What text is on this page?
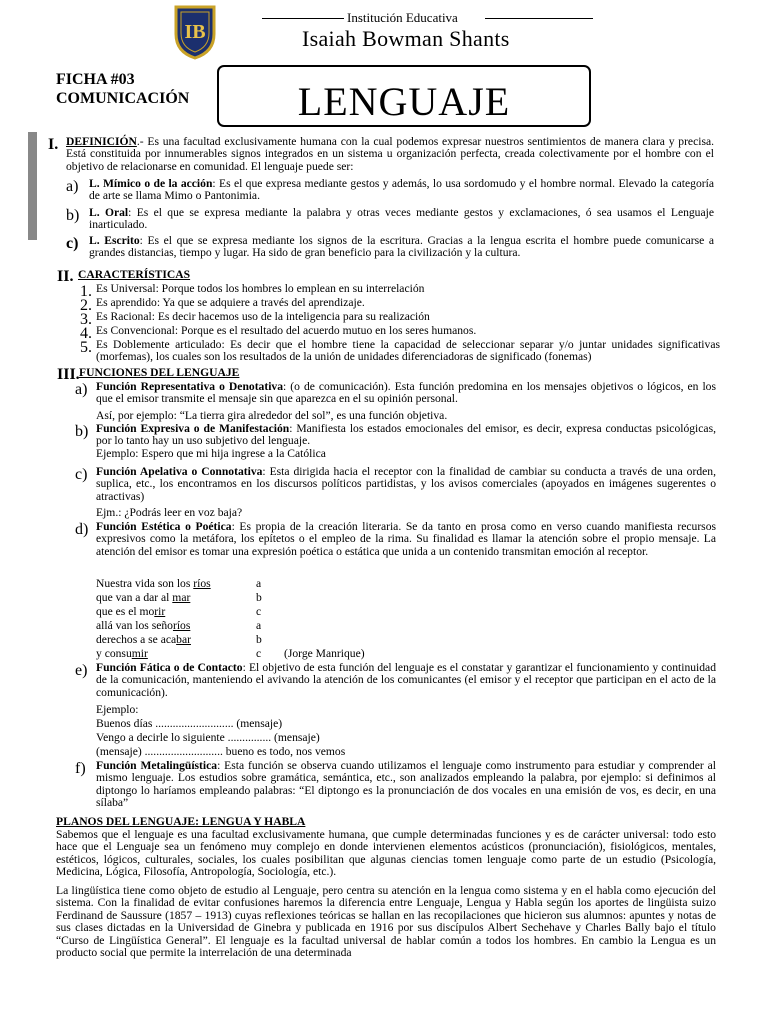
IB
Institución Educativa
Isaiah Bowman Shants
FICHA #03
COMUNICACIÓN	LENGUAJE
I. DEFINICIÓN.- Es una facultad exclusivamente humana con la cual podemos expresar nuestros sentimientos de manera clara y precisa. Está constituida por innumerables signos integrados en un sistema u organización perfecta, creada colectivamente por el hombre con el objetivo de relacionarse en comunidad. El lenguaje puede ser:

a) L. Mímico o de la acción: Es el que expresa mediante gestos y además, lo usa sordomudo y el hombre normal. Elevado la categoría de arte se llama Mimo o Pantonimia.

b) L. Oral: Es el que se expresa mediante la palabra y otras veces mediante gestos y exclamaciones, ó sea usamos el Lenguaje inarticulado.

c) L. Escrito: Es el que se expresa mediante los signos de la escritura. Gracias a la lengua escrita el hombre puede comunicarse a grandes distancias, tiempo y lugar. Ha sido de gran beneficio para la civilización y la cultura.

II. CARACTERÍSTICAS
1. Es Universal: Porque todos los hombres lo emplean en su interrelación

2. Es aprendido: Ya que se adquiere a través del aprendizaje.

3. Es Racional: Es decir hacemos uso de la inteligencia para su realización

4. Es Convencional: Porque es el resultado del acuerdo mutuo en los seres humanos.

5. Es Doblemente articulado: Es decir que el hombre tiene la capacidad de seleccionar separar y/o juntar unidades significativas (morfemas), los cuales son los resultados de la unión de unidades diferenciadoras de significado (fonemas)

III. FUNCIONES DEL LENGUAJE
a) Función Representativa o Denotativa: (o de comunicación). Esta función predomina en los mensajes objetivos o lógicos, en los que el emisor transmite el mensaje sin que aparezca en el su opinión personal.

Así, por ejemplo: “La tierra gira alrededor del sol”, es una función objetiva.

b) Función Expresiva o de Manifestación: Manifiesta los estados emocionales del emisor, es decir, expresa conductas psicológicas, por lo tanto hay un uso subjetivo del lenguaje.

Ejemplo: Espero que mi hija ingrese a la Católica

c) Función Apelativa o Connotativa: Esta dirigida hacia el receptor con la finalidad de cambiar su conducta a través de una orden, suplica, etc., los encontramos en los discursos políticos partidistas, y los avisos comerciales (apoyados en imágenes sugerentes o atractivas)

Ejm.: ¿Podrás leer en voz baja?

d) Función Estética o Poética: Es propia de la creación literaria. Se da tanto en prosa como en verso cuando manifiesta recursos expresivos como la metáfora, los epítetos o el empleo de la rima. Su finalidad es llamar la atención sobre el propio mensaje. La atención del emisor es tomar una expresión poética o estática que unida a un contenido transmitan emoción al receptor.

Nuestra vida son los ríos	a
que van a dar al mar	b
que es el morir	c
allá van los señoríos	a
derechos a se acabar	b
y consumir	c (Jorge Manrique)
e) Función Fática o de Contacto: El objetivo de esta función del lenguaje es el constatar y garantizar el funcionamiento y continuidad de la comunicación, manteniendo el avivando la atención de los comunicantes (el emisor y el receptor que participan en el acto de la comunicación).

Ejemplo:
Buenos días ........................... (mensaje)
Vengo a decirle lo siguiente ............... (mensaje)
(mensaje) ........................... bueno es todo, nos vemos
f) Función Metalingüística: Esta función se observa cuando utilizamos el lenguaje como instrumento para estudiar y comprender al mismo lenguaje. Los estudios sobre gramática, semántica, etc., son analizados empleando la palabra, por ejemplo: si definimos al diptongo lo haríamos empleando palabras: “El diptongo es la pronunciación de dos vocales en una emisión de vos, es decir, en una sílaba”

PLANOS DEL LENGUAJE: LENGUA Y HABLA

Sabemos que el lenguaje es una facultad exclusivamente humana, que cumple determinadas funciones y es de carácter universal: todo esto hace que el Lenguaje sea un fenómeno muy complejo en donde intervienen elementos acústicos (pronunciación), fisiológicos, mentales, estéticos, lógicos, culturales, sociales, los cuales posibilitan que algunas ciencias tomen lenguaje como parte de un estudio (Psicología, Medicina, Lógica, Filosofía, Antropología, Sociología, etc.).

La lingüística tiene como objeto de estudio al Lenguaje, pero centra su atención en la lengua como sistema y en el habla como ejecución del sistema. Con la finalidad de evitar confusiones haremos la diferencia entre Lenguaje, Lengua y Habla según los aportes de lingüista suizo Ferdinand de Saussure (1857 – 1913) cuyas reflexiones teóricas se hallan en las recopilaciones que hicieron sus alumnos: apuntes y notas de sus clases dictadas en la Universidad de Ginebra y publicada en 1916 por sus discípulos Albert Sechehave y Charles Bally bajo el título “Curso de Lingüística General”. El lenguaje es la facultad universal de hablar común a todos los hombres. En cambio la Lengua es un producto social que permite la interrelación de una determinada
